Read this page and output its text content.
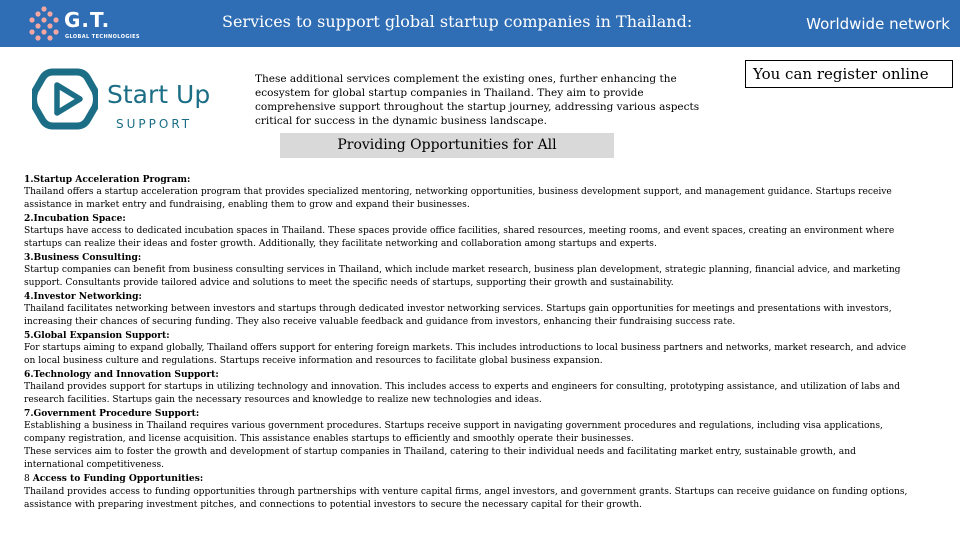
G.T.
GLOBAL TECHNOLOGIES
Services to support global startup companies in Thailand:	Worldwide network
Start Up
SUPPORT

These additional services complement the existing ones, further enhancing the ecosystem for global startup companies in Thailand. They aim to provide comprehensive support throughout the startup journey, addressing various aspects critical for success in the dynamic business landscape.

You can register online
Providing Opportunities for All
1.Startup Acceleration Program:
Thailand offers a startup acceleration program that provides specialized mentoring, networking opportunities, business development support, and management guidance. Startups receive assistance in market entry and fundraising, enabling them to grow and expand their businesses.
2.Incubation Space:
Startups have access to dedicated incubation spaces in Thailand. These spaces provide office facilities, shared resources, meeting rooms, and event spaces, creating an environment where startups can realize their ideas and foster growth. Additionally, they facilitate networking and collaboration among startups and experts.
3.Business Consulting:
Startup companies can benefit from business consulting services in Thailand, which include market research, business plan development, strategic planning, financial advice, and marketing support. Consultants provide tailored advice and solutions to meet the specific needs of startups, supporting their growth and sustainability.
4.Investor Networking:
Thailand facilitates networking between investors and startups through dedicated investor networking services. Startups gain opportunities for meetings and presentations with investors, increasing their chances of securing funding. They also receive valuable feedback and guidance from investors, enhancing their fundraising success rate.
5.Global Expansion Support:
For startups aiming to expand globally, Thailand offers support for entering foreign markets. This includes introductions to local business partners and networks, market research, and advice on local business culture and regulations. Startups receive information and resources to facilitate global business expansion.
6.Technology and Innovation Support:
Thailand provides support for startups in utilizing technology and innovation. This includes access to experts and engineers for consulting, prototyping assistance, and utilization of labs and research facilities. Startups gain the necessary resources and knowledge to realize new technologies and ideas.
7.Government Procedure Support:
Establishing a business in Thailand requires various government procedures. Startups receive support in navigating government procedures and regulations, including visa applications, company registration, and license acquisition. This assistance enables startups to efficiently and smoothly operate their businesses.
These services aim to foster the growth and development of startup companies in Thailand, catering to their individual needs and facilitating market entry, sustainable growth, and international competitiveness.
8 Access to Funding Opportunities:
Thailand provides access to funding opportunities through partnerships with venture capital firms, angel investors, and government grants. Startups can receive guidance on funding options, assistance with preparing investment pitches, and connections to potential investors to secure the necessary capital for their growth.
